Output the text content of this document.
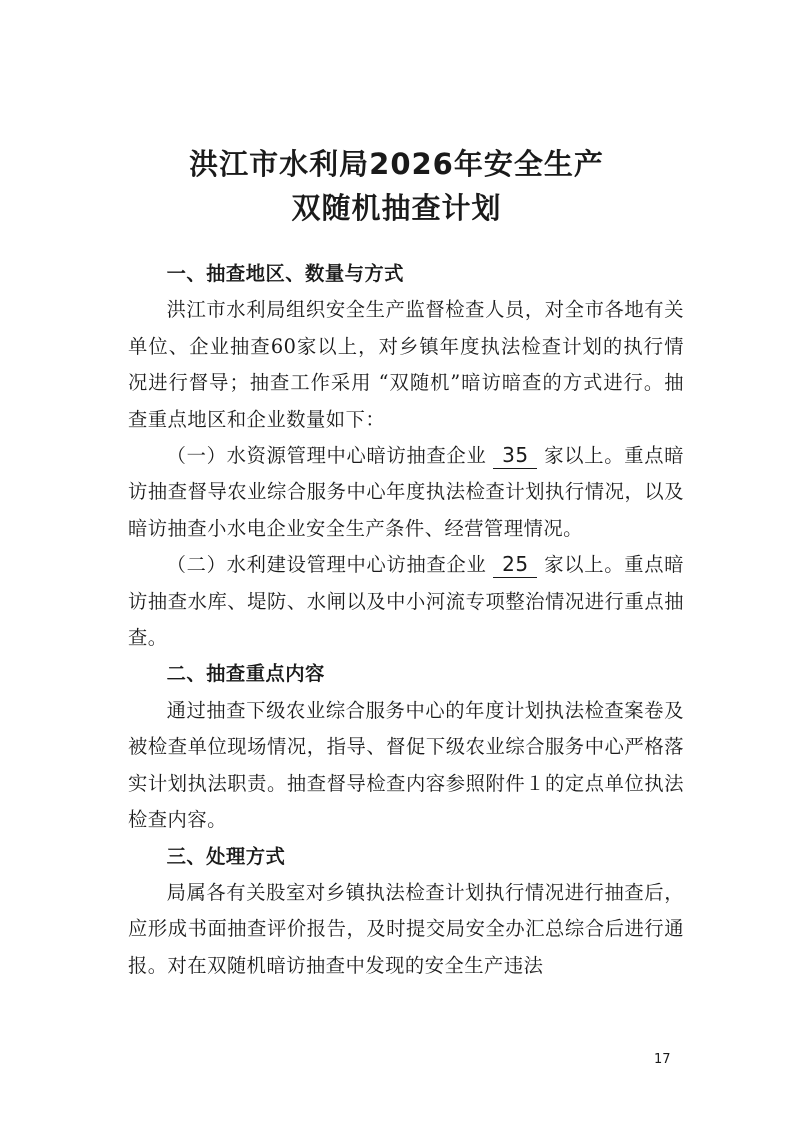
洪江市水利局2026年安全生产
双随机抽查计划
一、抽查地区、数量与方式

洪江市水利局组织安全生产监督检查人员，对全市各地有关单位、企业抽查60家以上，对乡镇年度执法检查计划的执行情况进行督导；抽查工作采用 “双随机”暗访暗查的方式进行。抽查重点地区和企业数量如下：

（一）水资源管理中心暗访抽查企业 35 家以上。重点暗访抽查督导农业综合服务中心年度执法检查计划执行情况，以及暗访抽查小水电企业安全生产条件、经营管理情况。

（二）水利建设管理中心访抽查企业 25 家以上。重点暗访抽查水库、堤防、水闸以及中小河流专项整治情况进行重点抽查。

二、抽查重点内容

通过抽查下级农业综合服务中心的年度计划执法检查案卷及被检查单位现场情况，指导、督促下级农业综合服务中心严格落实计划执法职责。抽查督导检查内容参照附件１的定点单位执法检查内容。

三、处理方式

局属各有关股室对乡镇执法检查计划执行情况进行抽查后，应形成书面抽查评价报告，及时提交局安全办汇总综合后进行通报。对在双随机暗访抽查中发现的安全生产违法

17
